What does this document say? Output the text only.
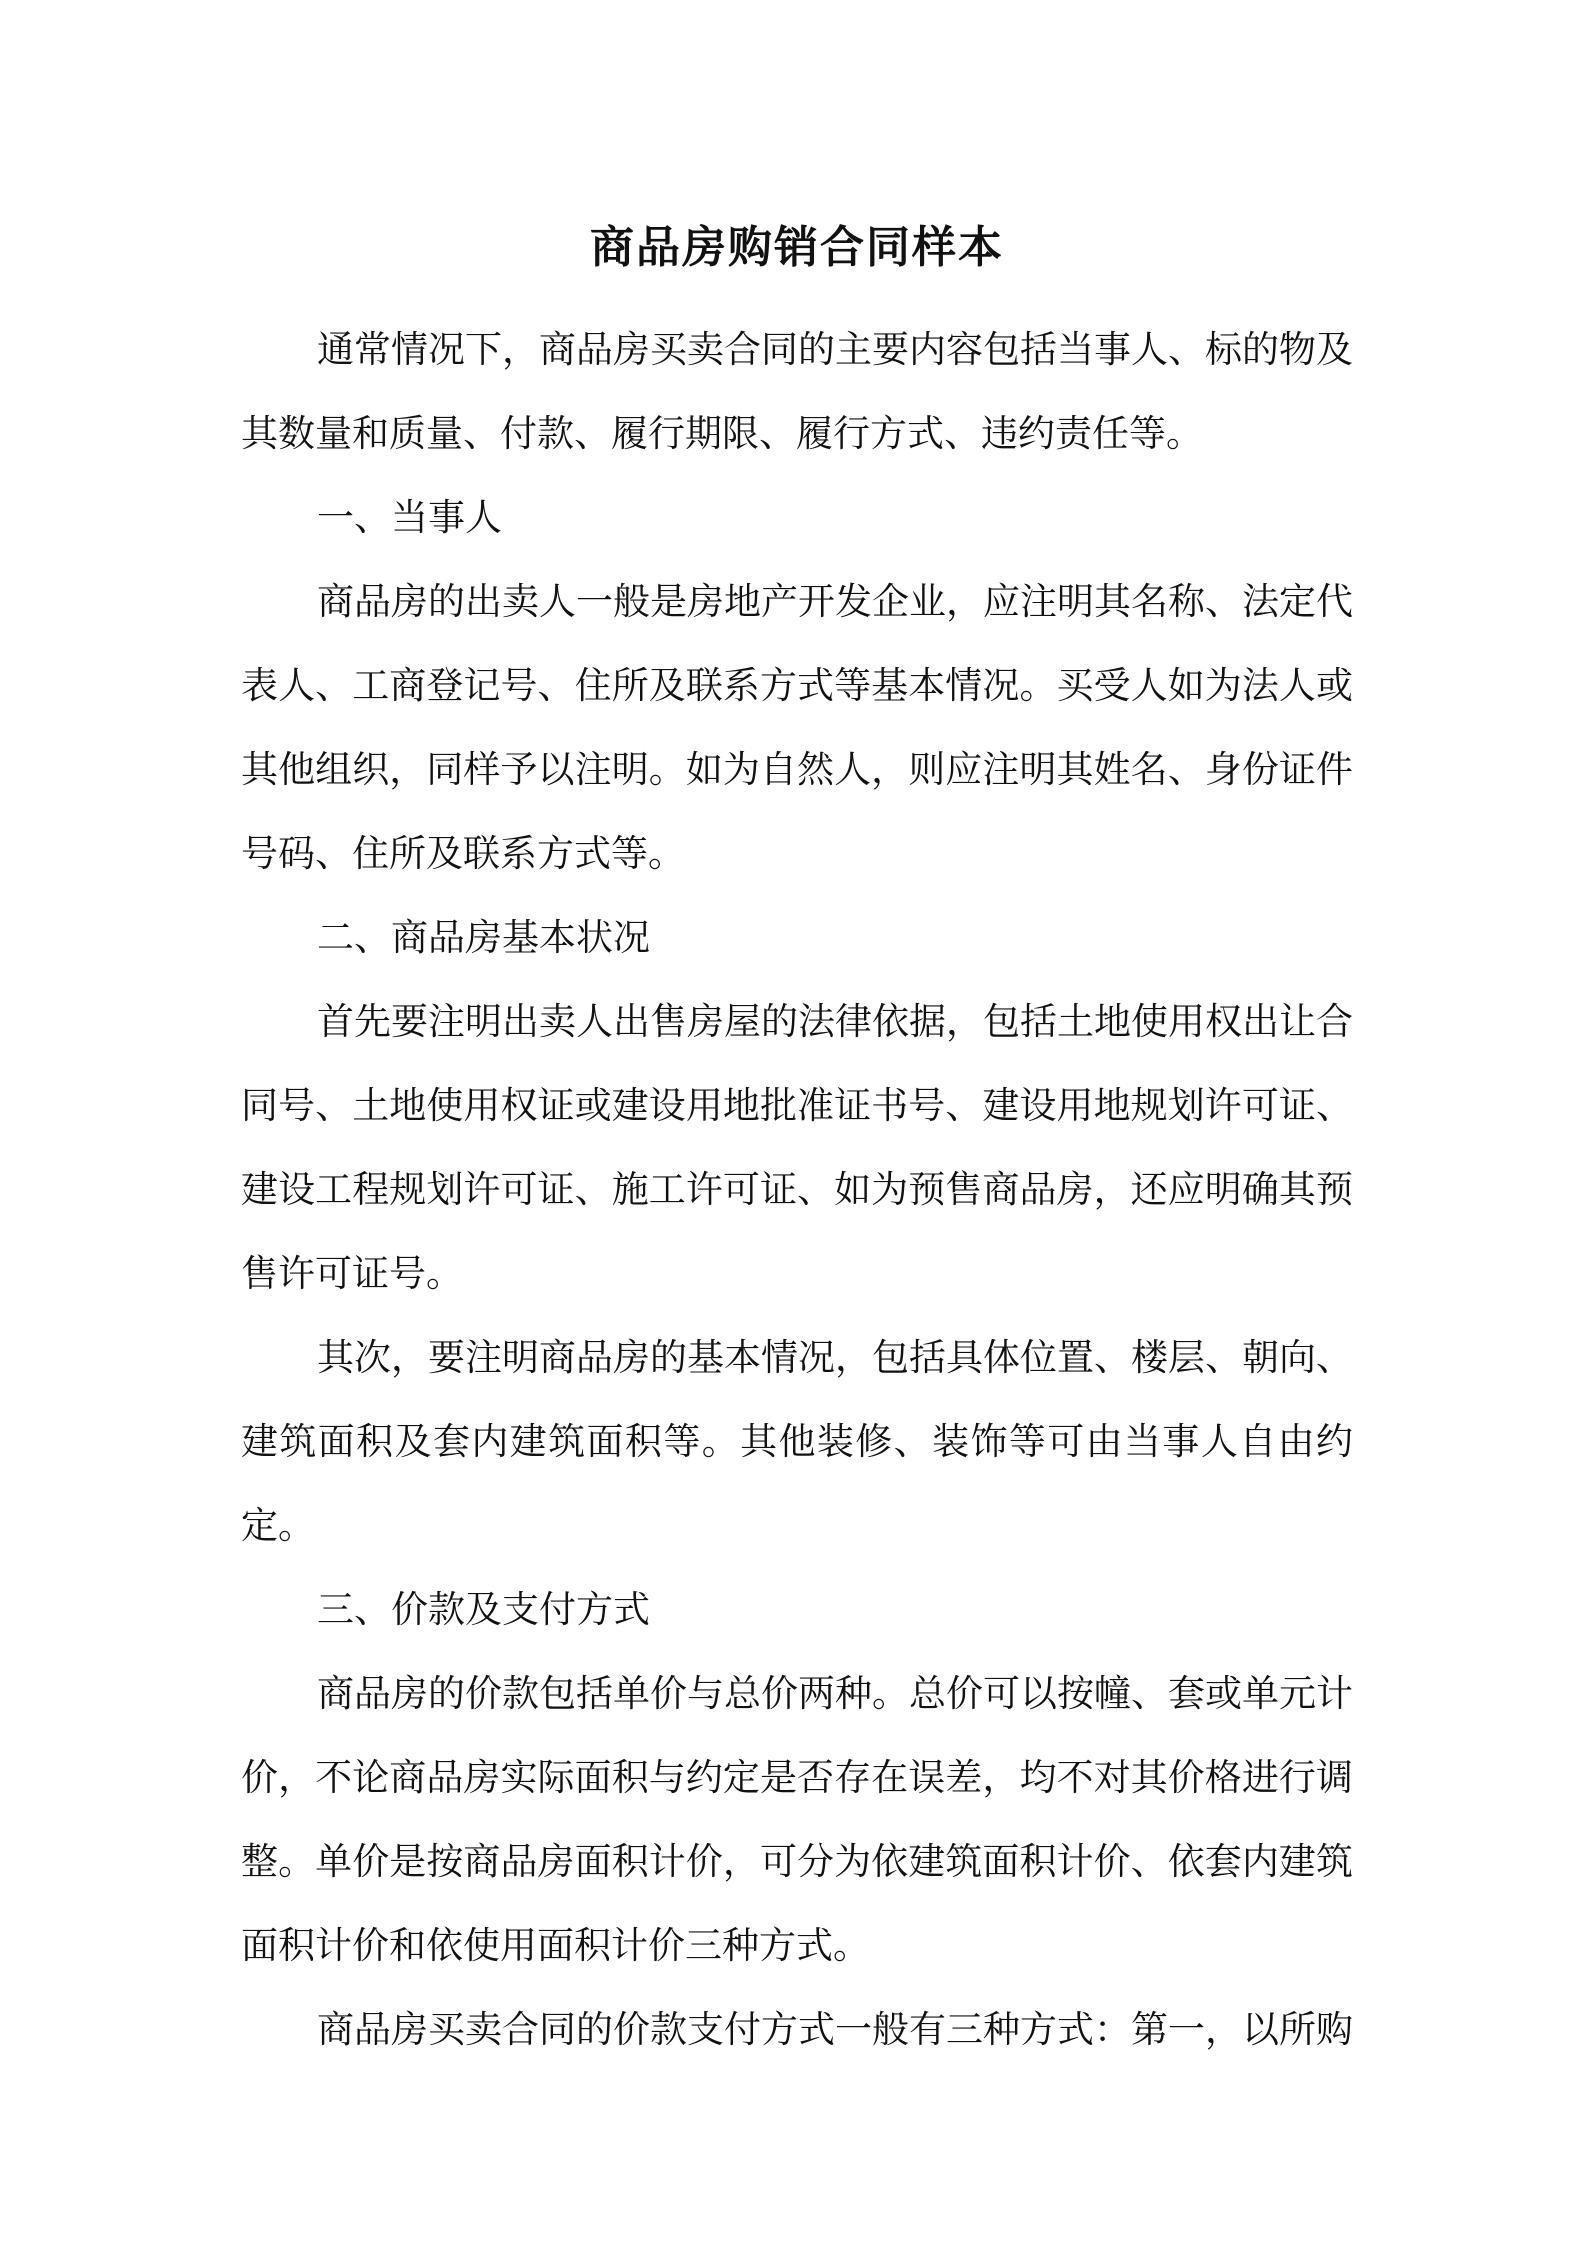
商品房购销合同样本

通常情况下，商品房买卖合同的主要内容包括当事人、标的物及其数量和质量、付款、履行期限、履行方式、违约责任等。

一、当事人

商品房的出卖人一般是房地产开发企业，应注明其名称、法定代表人、工商登记号、住所及联系方式等基本情况。买受人如为法人或其他组织，同样予以注明。如为自然人，则应注明其姓名、身份证件号码、住所及联系方式等。

二、商品房基本状况

首先要注明出卖人出售房屋的法律依据，包括土地使用权出让合同号、土地使用权证或建设用地批准证书号、建设用地规划许可证、建设工程规划许可证、施工许可证、如为预售商品房，还应明确其预售许可证号。

其次，要注明商品房的基本情况，包括具体位置、楼层、朝向、建筑面积及套内建筑面积等。其他装修、装饰等可由当事人自由约定。

三、价款及支付方式

商品房的价款包括单价与总价两种。总价可以按幢、套或单元计价，不论商品房实际面积与约定是否存在误差，均不对其价格进行调整。单价是按商品房面积计价，可分为依建筑面积计价、依套内建筑面积计价和依使用面积计价三种方式。

商品房买卖合同的价款支付方式一般有三种方式：第一，以所购
